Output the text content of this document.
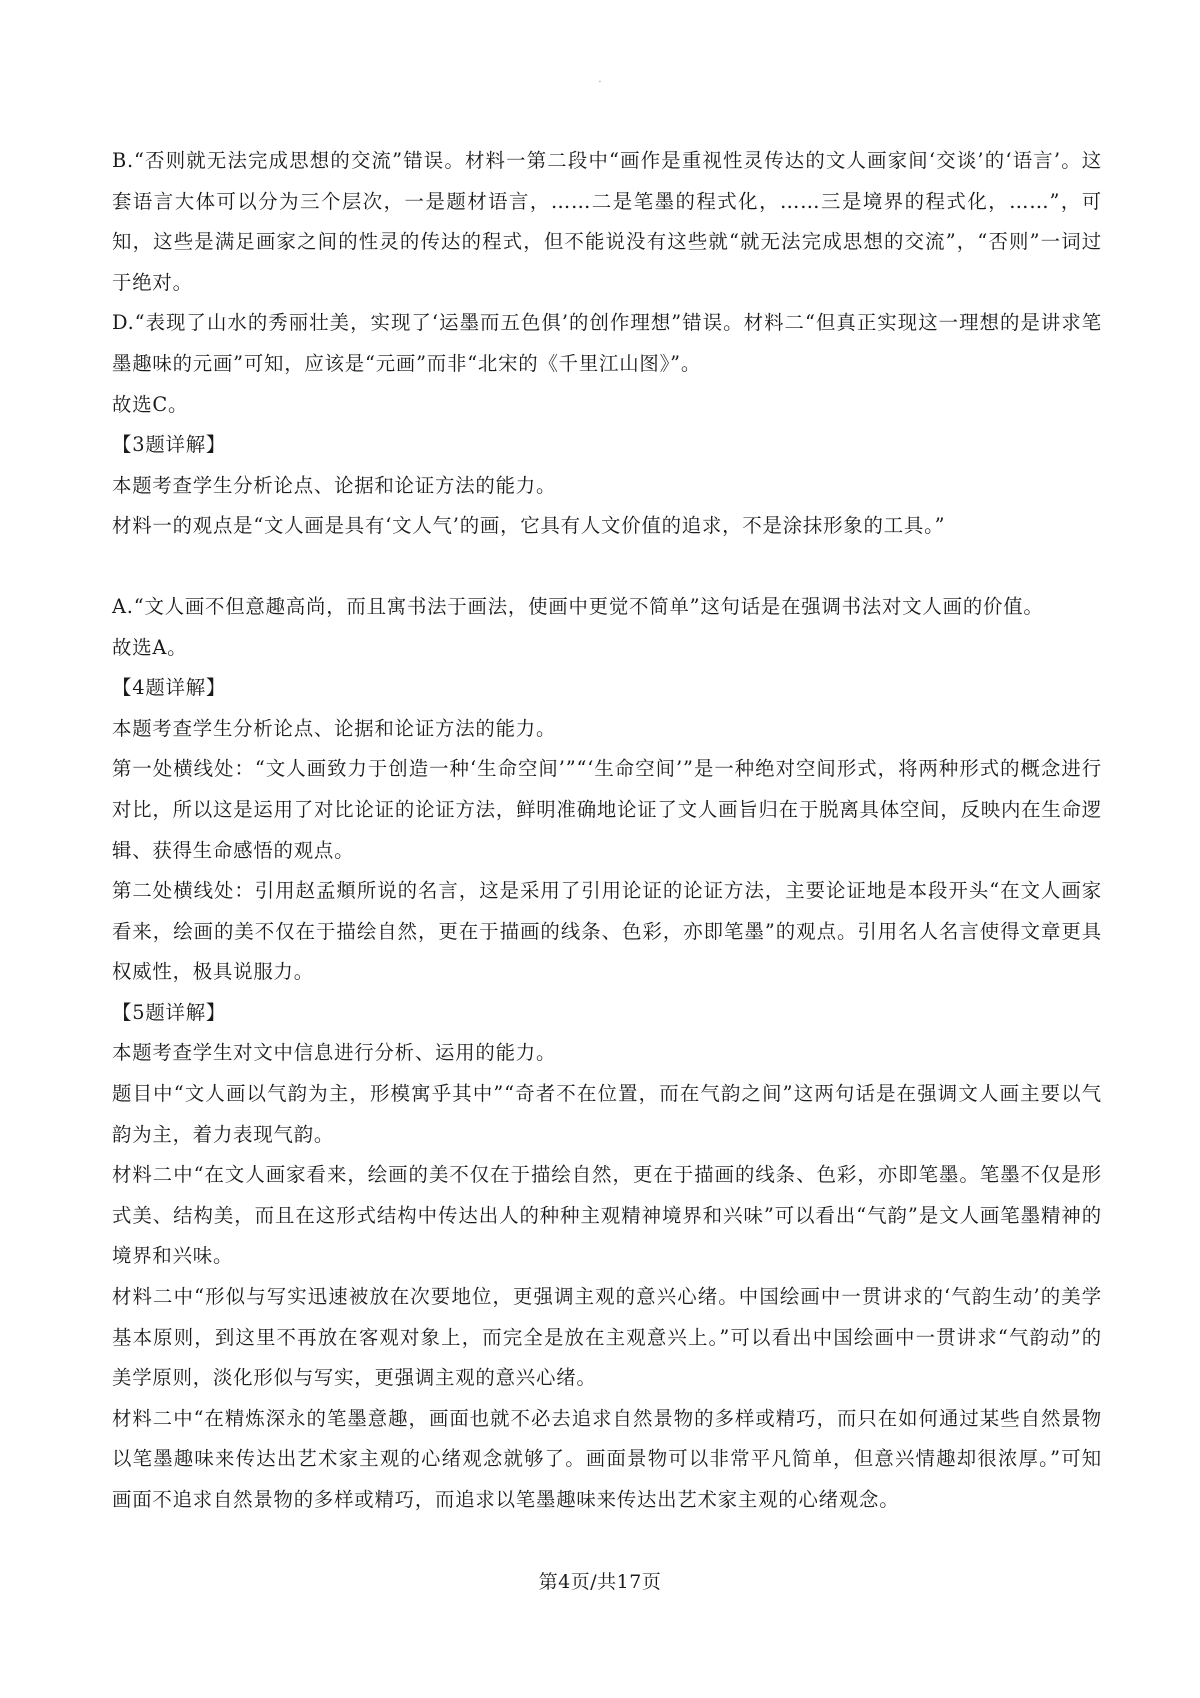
.

B.“否则就无法完成思想的交流”错误。材料一第二段中“画作是重视性灵传达的文人画家间‘交谈’的‘语言’。这套语言大体可以分为三个层次，一是题材语言，……二是笔墨的程式化，……三是境界的程式化，……”，可知，这些是满足画家之间的性灵的传达的程式，但不能说没有这些就“就无法完成思想的交流”，“否则”一词过于绝对。

D.“表现了山水的秀丽壮美，实现了‘运墨而五色俱’的创作理想”错误。材料二“但真正实现这一理想的是讲求笔墨趣味的元画”可知，应该是“元画”而非“北宋的《千里江山图》”。

故选C。

【3题详解】

本题考查学生分析论点、论据和论证方法的能力。

材料一的观点是“文人画是具有‘文人气’的画，它具有人文价值的追求，不是涂抹形象的工具。”

A.“文人画不但意趣高尚，而且寓书法于画法，使画中更觉不简单”这句话是在强调书法对文人画的价值。

故选A。

【4题详解】

本题考查学生分析论点、论据和论证方法的能力。

第一处横线处：“文人画致力于创造一种‘生命空间’”“‘生命空间’”是一种绝对空间形式，将两种形式的概念进行对比，所以这是运用了对比论证的论证方法，鲜明准确地论证了文人画旨归在于脱离具体空间，反映内在生命逻辑、获得生命感悟的观点。

第二处横线处：引用赵孟頫所说的名言，这是采用了引用论证的论证方法，主要论证地是本段开头“在文人画家看来，绘画的美不仅在于描绘自然，更在于描画的线条、色彩，亦即笔墨”的观点。引用名人名言使得文章更具权威性，极具说服力。

【5题详解】

本题考查学生对文中信息进行分析、运用的能力。

题目中“文人画以气韵为主，形模寓乎其中”“奇者不在位置，而在气韵之间”这两句话是在强调文人画主要以气韵为主，着力表现气韵。

材料二中“在文人画家看来，绘画的美不仅在于描绘自然，更在于描画的线条、色彩，亦即笔墨。笔墨不仅是形式美、结构美，而且在这形式结构中传达出人的种种主观精神境界和兴味”可以看出“气韵”是文人画笔墨精神的境界和兴味。

材料二中“形似与写实迅速被放在次要地位，更强调主观的意兴心绪。中国绘画中一贯讲求的‘气韵生动’的美学基本原则，到这里不再放在客观对象上，而完全是放在主观意兴上。”可以看出中国绘画中一贯讲求“气韵动”的美学原则，淡化形似与写实，更强调主观的意兴心绪。

材料二中“在精炼深永的笔墨意趣，画面也就不必去追求自然景物的多样或精巧，而只在如何通过某些自然景物以笔墨趣味来传达出艺术家主观的心绪观念就够了。画面景物可以非常平凡简单，但意兴情趣却很浓厚。”可知画面不追求自然景物的多样或精巧，而追求以笔墨趣味来传达出艺术家主观的心绪观念。

第4页/共17页
